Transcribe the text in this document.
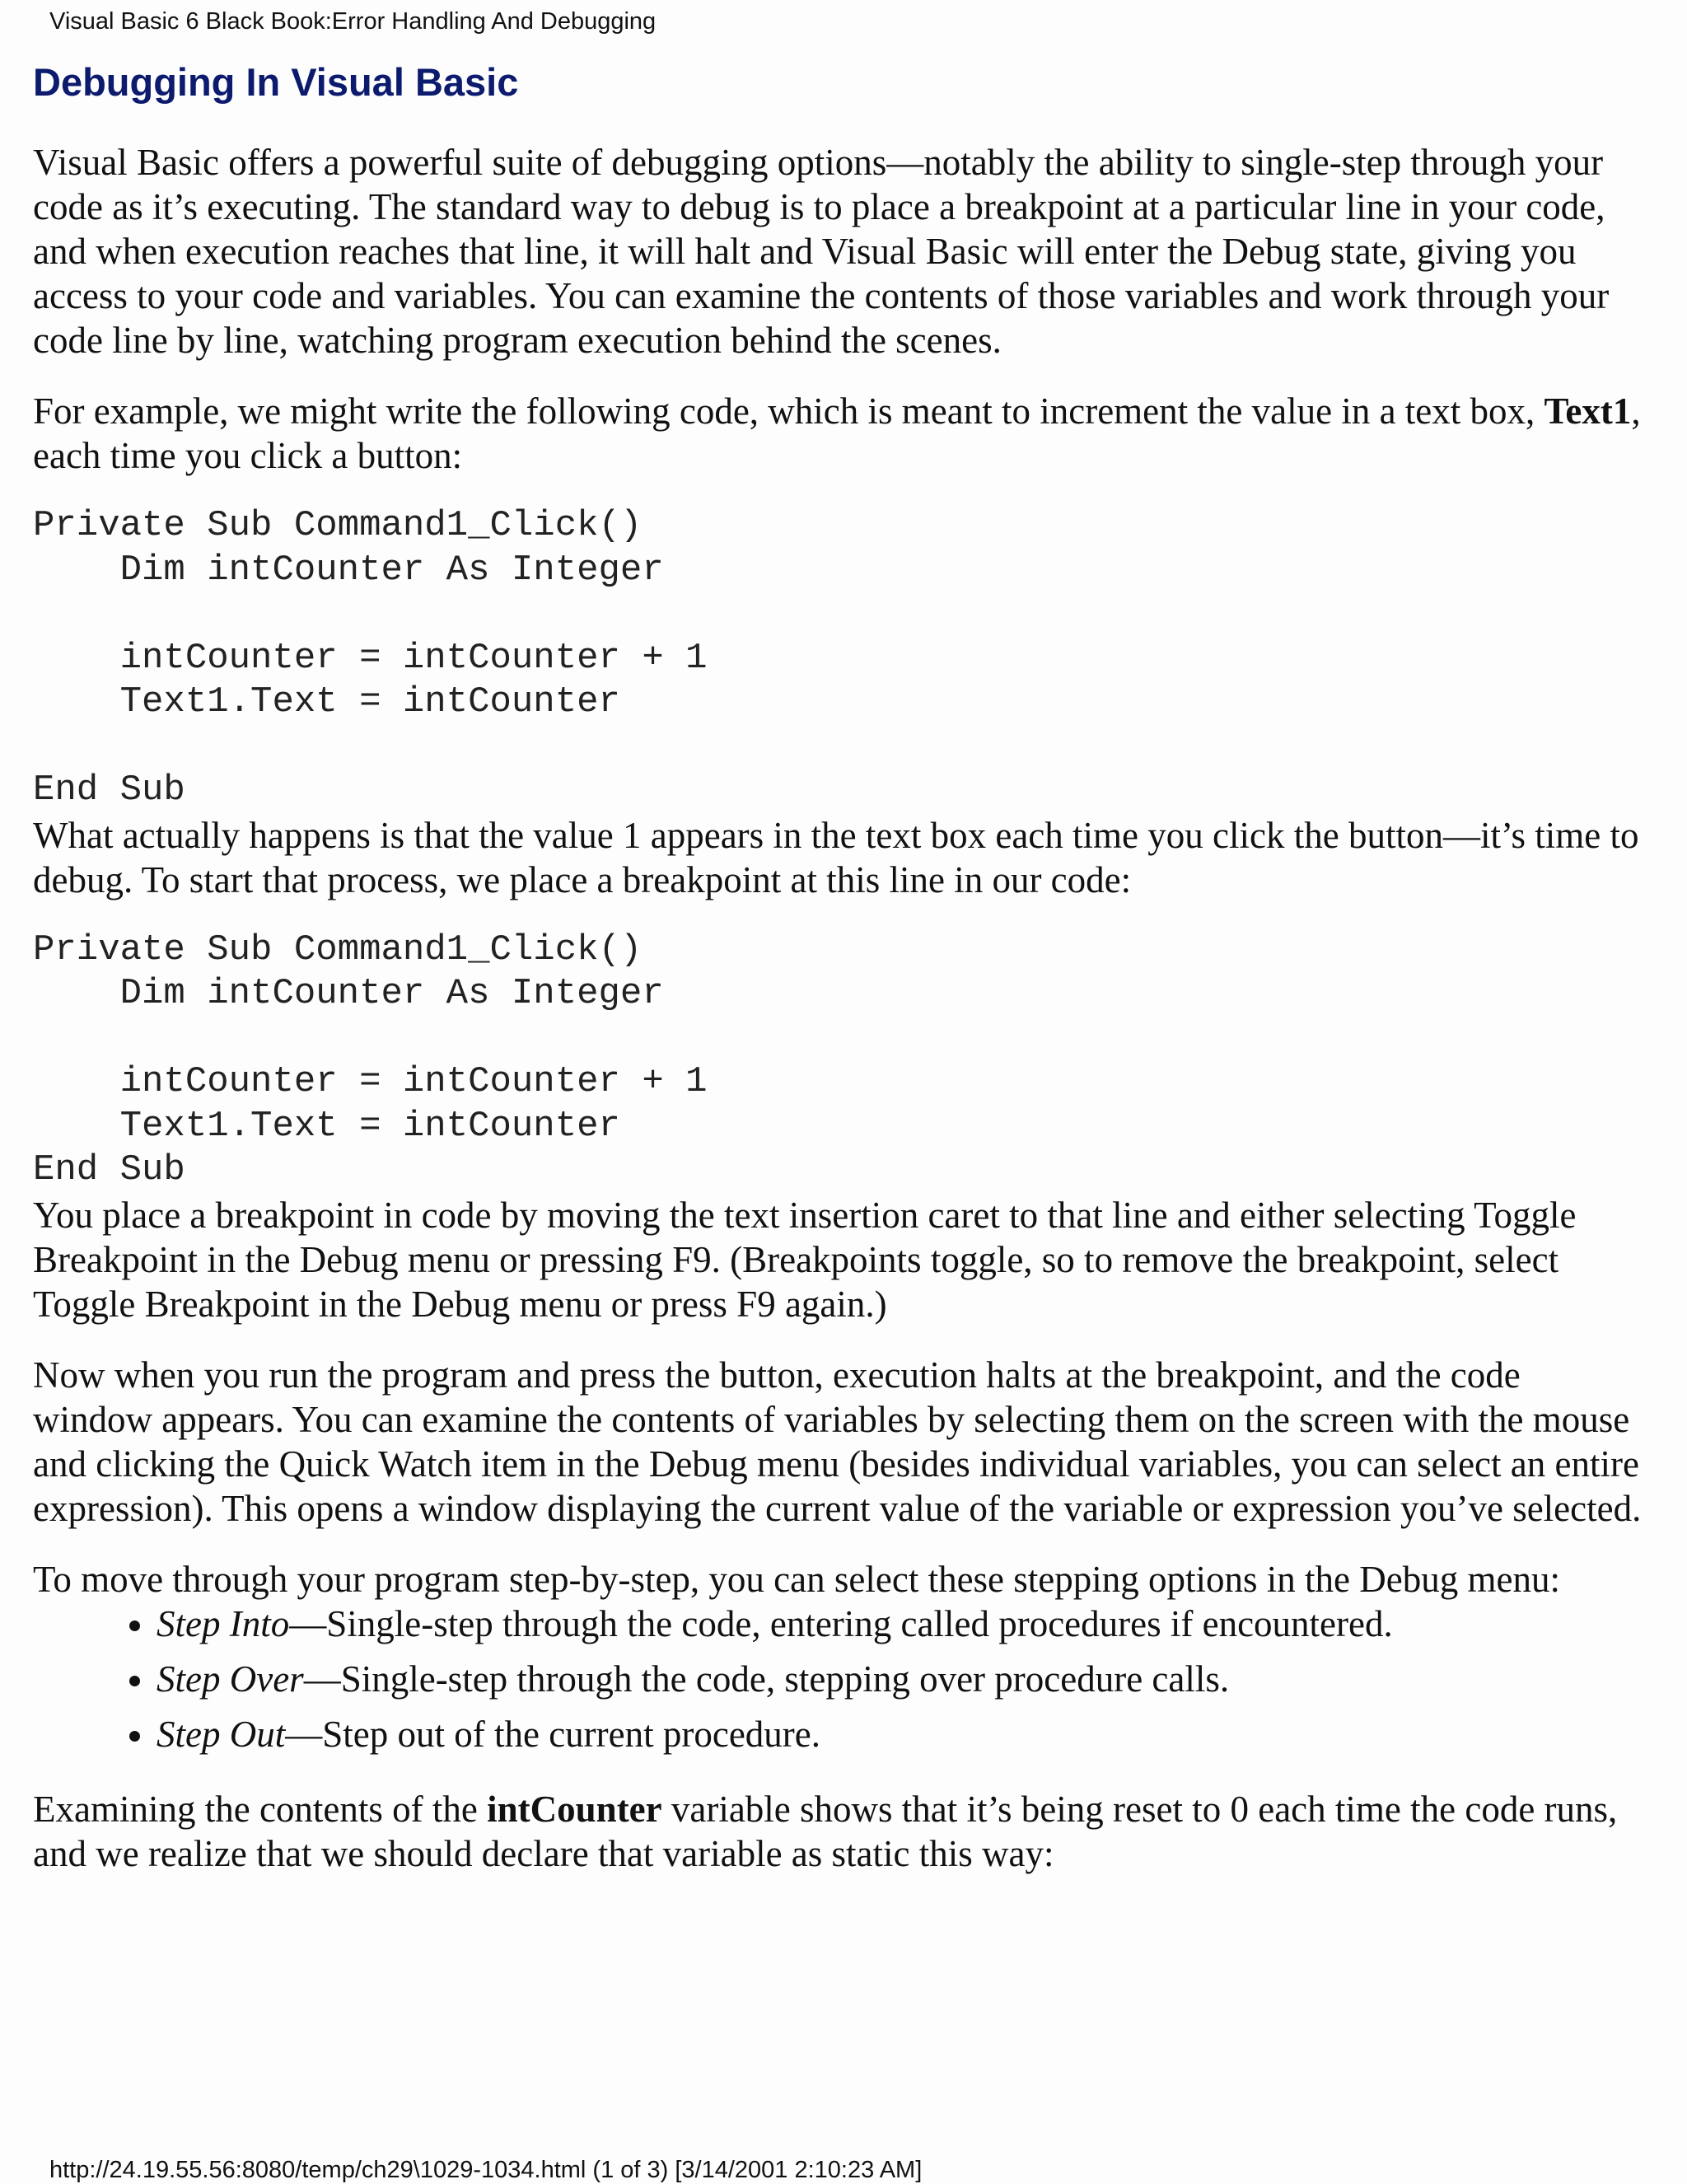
Visual Basic 6 Black Book:Error Handling And Debugging
Debugging In Visual Basic

Visual Basic offers a powerful suite of debugging options—notably the ability to single-step through your code as it’s executing. The standard way to debug is to place a breakpoint at a particular line in your code, and when execution reaches that line, it will halt and Visual Basic will enter the Debug state, giving you access to your code and variables. You can examine the contents of those variables and work through your code line by line, watching program execution behind the scenes.

For example, we might write the following code, which is meant to increment the value in a text box, Text1, each time you click a button:

Private Sub Command1_Click()
Dim intCounter As Integer

intCounter = intCounter + 1
Text1.Text = intCounter

End Sub

What actually happens is that the value 1 appears in the text box each time you click the button—it’s time to debug. To start that process, we place a breakpoint at this line in our code:

Private Sub Command1_Click()
Dim intCounter As Integer

intCounter = intCounter + 1
Text1.Text = intCounter
End Sub

You place a breakpoint in code by moving the text insertion caret to that line and either selecting Toggle Breakpoint in the Debug menu or pressing F9. (Breakpoints toggle, so to remove the breakpoint, select Toggle Breakpoint in the Debug menu or press F9 again.)

Now when you run the program and press the button, execution halts at the breakpoint, and the code window appears. You can examine the contents of variables by selecting them on the screen with the mouse and clicking the Quick Watch item in the Debug menu (besides individual variables, you can select an entire expression). This opens a window displaying the current value of the variable or expression you’ve selected.

To move through your program step-by-step, you can select these stepping options in the Debug menu:

• Step Into—Single-step through the code, entering called procedures if encountered.
• Step Over—Single-step through the code, stepping over procedure calls.
• Step Out—Step out of the current procedure.

Examining the contents of the intCounter variable shows that it’s being reset to 0 each time the code runs, and we realize that we should declare that variable as static this way:

http://24.19.55.56:8080/temp/ch29\1029-1034.html (1 of 3) [3/14/2001 2:10:23 AM]
